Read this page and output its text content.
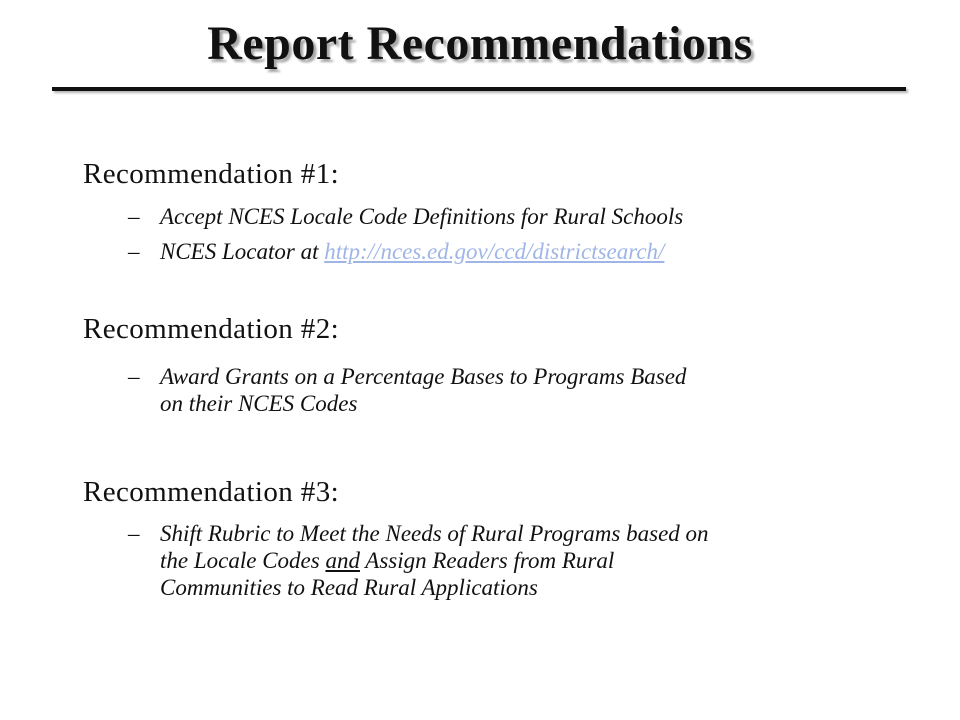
Report Recommendations
Recommendation #1:
– Accept NCES Locale Code Definitions for Rural Schools
– NCES Locator at http://nces.ed.gov/ccd/districtsearch/
Recommendation #2:
– Award Grants on a Percentage Bases to Programs Based
on their NCES Codes
Recommendation #3:
– Shift Rubric to Meet the Needs of Rural Programs based on
the Locale Codes and Assign Readers from Rural
Communities to Read Rural Applications
